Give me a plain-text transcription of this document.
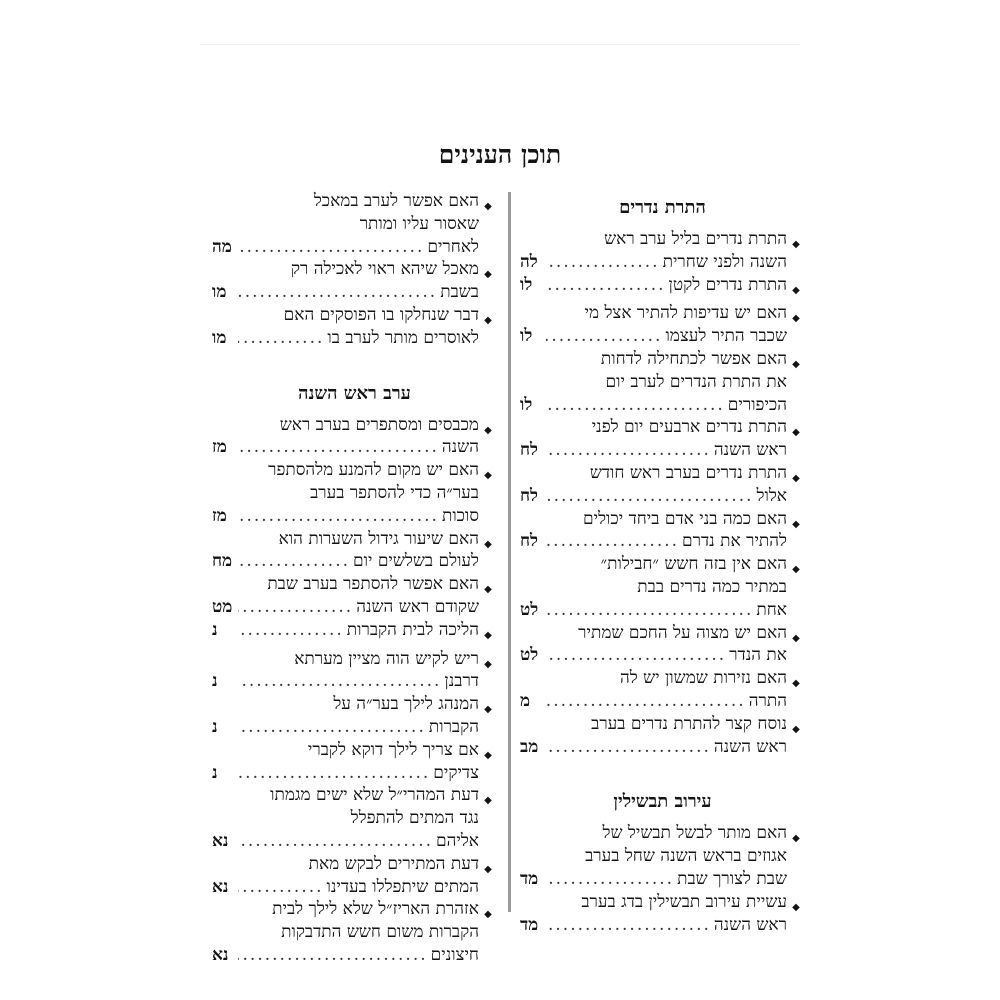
תוכן הענינים
התרת נדרים
◆
התרת נדרים בליל ערב ראש
השנה ולפני שחרית
.....
לה
◆
התרת נדרים לקטן
.....
לו
◆
האם יש עדיפות להתיר אצל מי
שכבר התיר לעצמו
.....
לו
◆
האם אפשר לכתחילה לדחות
את התרת הנדרים לערב יום
הכיפורים
.....
לו
◆
התרת נדרים ארבעים יום לפני
ראש השנה
.....
לח
◆
התרת נדרים בערב ראש חודש
אלול
.....
לח
◆
האם כמה בני אדם ביחד יכולים
להתיר את נדרם
.....
לח
◆
האם אין בזה חשש ״חבילות״
במתיר כמה נדרים בבת
אחת
.....
לט
◆
האם יש מצוה על החכם שמתיר
את הנדר
.....
לט
◆
האם נזירות שמשון יש לה
התרה
.....
מ
◆
נוסח קצר להתרת נדרים בערב
ראש השנה
.....
מב
עירוב תבשילין
◆
האם מותר לבשל תבשיל של
אגוזים בראש השנה שחל בערב
שבת לצורך שבת
.....
מד
◆
עשיית עירוב תבשילין בדג בערב
ראש השנה
.....
מד
◆
האם אפשר לערב במאכל
שאסור עליו ומותר
לאחרים
.....
מה
◆
מאכל שיהא ראוי לאכילה רק
בשבת
.....
מו
◆
דבר שנחלקו בו הפוסקים האם
לאוסרים מותר לערב בו
.....
מו
ערב ראש השנה
◆
מכבסים ומסתפרים בערב ראש
השנה
.....
מז
◆
האם יש מקום להמנע מלהסתפר
בער״ה כדי להסתפר בערב
סוכות
.....
מז
◆
האם שיעור גידול השערות הוא
לעולם בשלשים יום
.....
מח
◆
האם אפשר להסתפר בערב שבת
שקודם ראש השנה
.....
מט
◆
הליכה לבית הקברות
.....
נ
◆
ריש לקיש הוה מציין מערתא
דרבנן
.....
נ
◆
המנהג לילך בער״ה על
הקברות
.....
נ
◆
אם צריך לילך דוקא לקברי
צדיקים
.....
נ
◆
דעת המהרי״ל שלא ישים מגמתו
נגד המתים להתפלל
אליהם
.....
נא
◆
דעת המתירים לבקש מאת
המתים שיתפללו בעדינו
.....
נא
◆
אזהרת האריז״ל שלא לילך לבית
הקברות משום חשש התדבקות
חיצונים
.....
נא
